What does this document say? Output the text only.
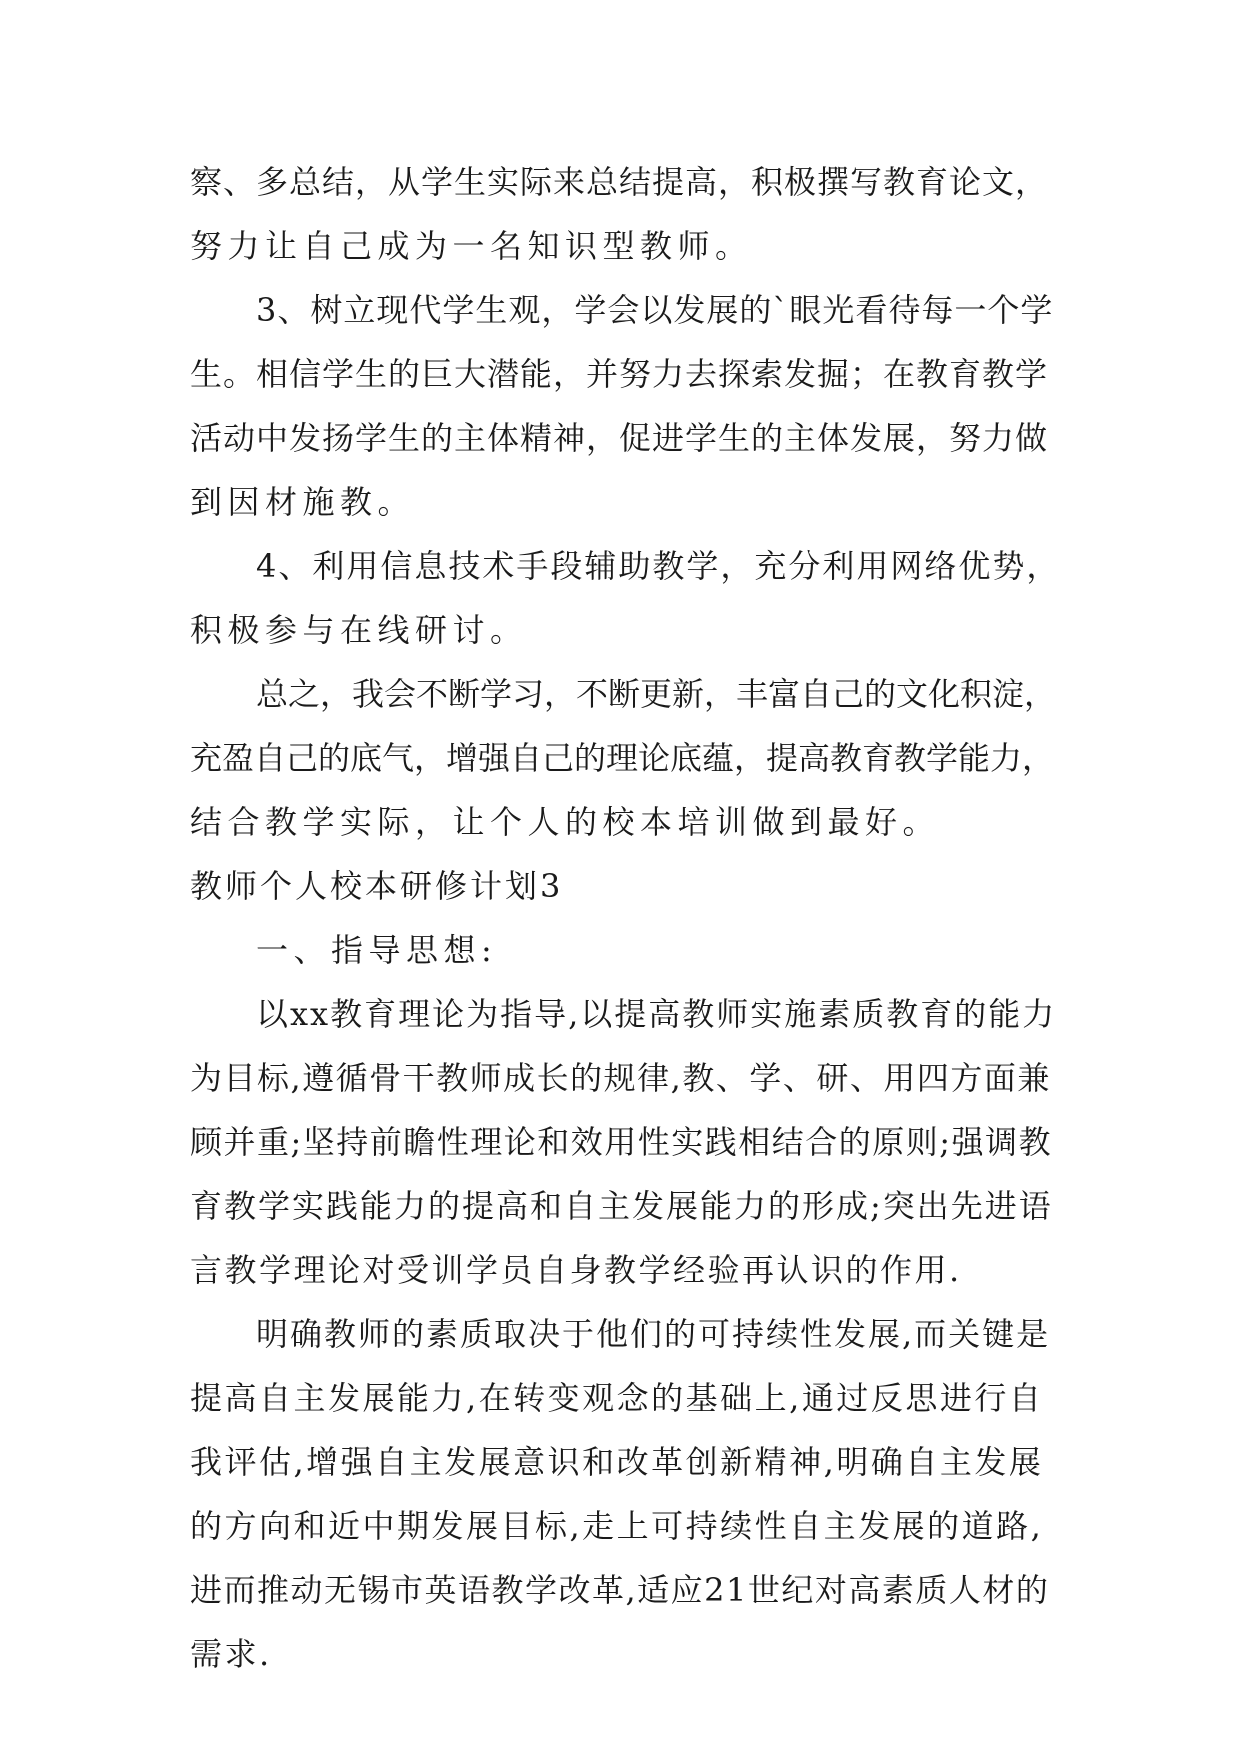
察、多总结，从学生实际来总结提高，积极撰写教育论文，
努力让自己成为一名知识型教师。
3、树立现代学生观，学会以发展的`眼光看待每一个学
生。相信学生的巨大潜能，并努力去探索发掘；在教育教学
活动中发扬学生的主体精神，促进学生的主体发展，努力做
到因材施教。
4、利用信息技术手段辅助教学，充分利用网络优势，
积极参与在线研讨。
总之，我会不断学习，不断更新，丰富自己的文化积淀，
充盈自己的底气，增强自己的理论底蕴，提高教育教学能力，
结合教学实际，让个人的校本培训做到最好。
教师个人校本研修计划3
一、指导思想:
以xx教育理论为指导,以提高教师实施素质教育的能力
为目标,遵循骨干教师成长的规律,教、学、研、用四方面兼
顾并重;坚持前瞻性理论和效用性实践相结合的原则;强调教
育教学实践能力的提高和自主发展能力的形成;突出先进语
言教学理论对受训学员自身教学经验再认识的作用.
明确教师的素质取决于他们的可持续性发展,而关键是
提高自主发展能力,在转变观念的基础上,通过反思进行自
我评估,增强自主发展意识和改革创新精神,明确自主发展
的方向和近中期发展目标,走上可持续性自主发展的道路,
进而推动无锡市英语教学改革,适应21世纪对高素质人材的
需求.
